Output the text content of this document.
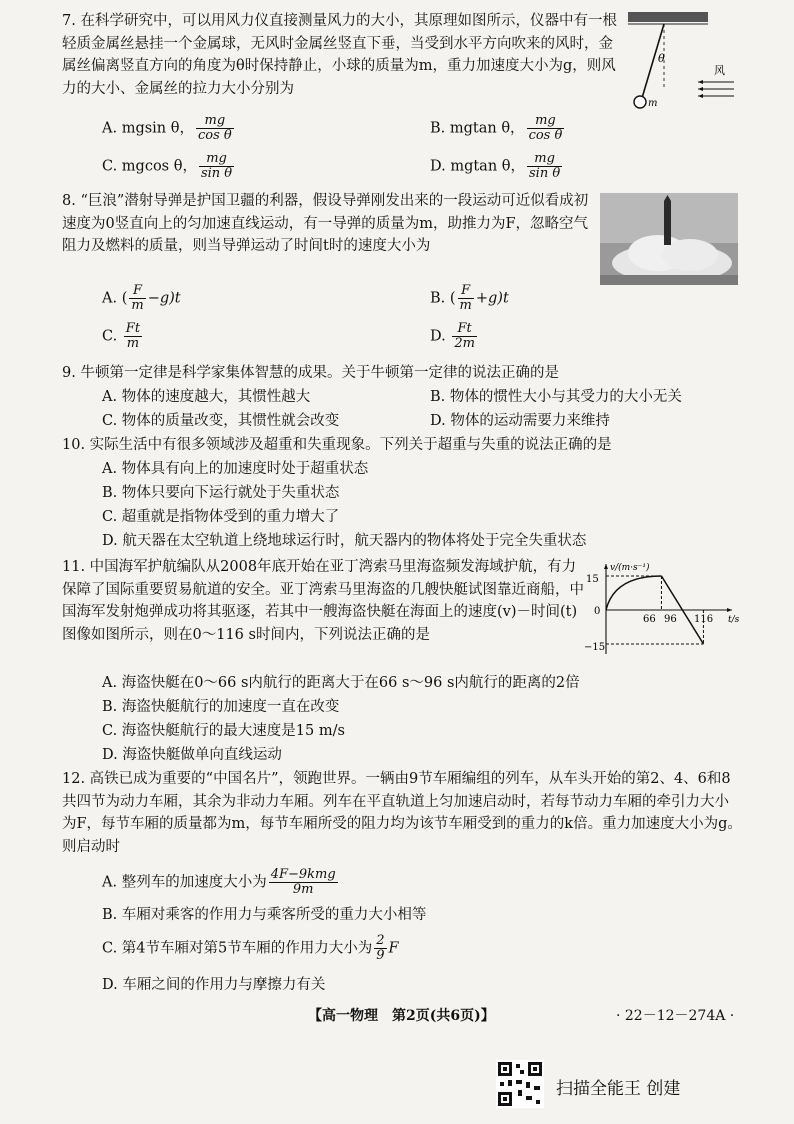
7. 在科学研究中，可以用风力仪直接测量风力的大小，其原理如图所示，仪器中有一根轻质金属丝悬挂一个金属球，无风时金属丝竖直下垂，当受到水平方向吹来的风时，金属丝偏离竖直方向的角度为θ时保持静止，小球的质量为m，重力加速度大小为g，则风力的大小、金属丝的拉力大小分别为
θ
m
风
A. mgsin θ， $\frac{mg}{\text{cos θ}}$	B. mgtan θ， $\frac{mg}{\text{cos θ}}$
C. mgcos θ， $\frac{mg}{\text{sin θ}}$	D. mgtan θ， $\frac{mg}{\text{sin θ}}$
8. “巨浪”潜射导弹是护国卫疆的利器，假设导弹刚发出来的一段运动可近似看成初速度为0竖直向上的匀加速直线运动，有一导弹的质量为m，助推力为F，忽略空气阻力及燃料的质量，则当导弹运动了时间t时的速度大小为
A. ( $\frac{F}{m} -g)t$	B. ( $\frac{F}{m} +g)t$
C. $\frac{Ft}{m}$	D. $\frac{Ft}{2m}$
9. 牛顿第一定律是科学家集体智慧的成果。关于牛顿第一定律的说法正确的是
A. 物体的速度越大，其惯性越大	B. 物体的惯性大小与其受力的大小无关
C. 物体的质量改变，其惯性就会改变	D. 物体的运动需要力来维持
10. 实际生活中有很多领域涉及超重和失重现象。下列关于超重与失重的说法正确的是
A. 物体具有向上的加速度时处于超重状态
B. 物体只要向下运行就处于失重状态
C. 超重就是指物体受到的重力增大了
D. 航天器在太空轨道上绕地球运行时，航天器内的物体将处于完全失重状态
11. 中国海军护航编队从2008年底开始在亚丁湾索马里海盗频发海域护航，有力保障了国际重要贸易航道的安全。亚丁湾索马里海盗的几艘快艇试图靠近商船，中国海军发射炮弹成功将其驱逐，若其中一艘海盗快艇在海面上的速度(v)－时间(t)图像如图所示，则在0～116 s时间内，下列说法正确的是
v/(m·s⁻¹)
t/s
15
0
−15
66 96 116
A. 海盗快艇在0～66 s内航行的距离大于在66 s～96 s内航行的距离的2倍
B. 海盗快艇航行的加速度一直在改变
C. 海盗快艇航行的最大速度是15 m/s
D. 海盗快艇做单向直线运动
12. 高铁已成为重要的“中国名片”，领跑世界。一辆由9节车厢编组的列车，从车头开始的第2、4、6和8共四节为动力车厢，其余为非动力车厢。列车在平直轨道上匀加速启动时，若每节动力车厢的牵引力大小为F，每节车厢的质量都为m，每节车厢所受的阻力均为该节车厢受到的重力的k倍。重力加速度大小为g。则启动时
A. 整列车的加速度大小为 $\frac{\text{4F−9kmg}}{9m}$
B. 车厢对乘客的作用力与乘客所受的重力大小相等
C. 第4节车厢对第5节车厢的作用力大小为 $\frac{2}{9}$ F
D. 车厢之间的作用力与摩擦力有关
【高一物理　第2页(共6页)】	· 22－12－274A ·
扫描全能王 创建
